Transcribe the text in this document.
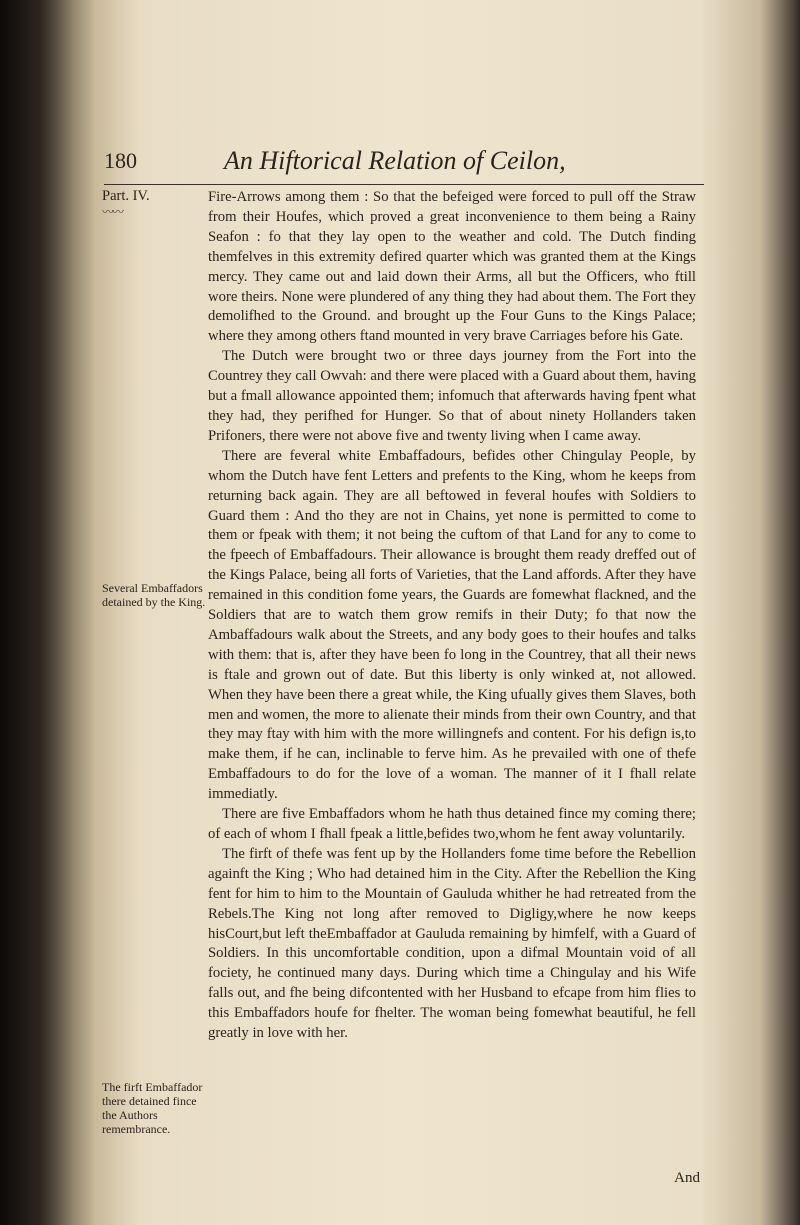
180	An Hiftorical Relation of Ceilon,
Part. IV.
〰〰
Several Embaffadors detained by the King.
The firft Embaffador there detained fince the Authors remembrance.

Fire-Arrows among them : So that the befeiged were forced to pull off the Straw from their Houfes, which proved a great inconvenience to them being a Rainy Seafon : fo that they lay open to the weather and cold. The Dutch finding themfelves in this extremity defired quarter which was granted them at the Kings mercy. They came out and laid down their Arms, all but the Officers, who ftill wore theirs. None were plundered of any thing they had about them. The Fort they demolifhed to the Ground. and brought up the Four Guns to the Kings Palace; where they among others ftand mounted in very brave Carriages before his Gate.

The Dutch were brought two or three days journey from the Fort into the Countrey they call Owvah: and there were placed with a Guard about them, having but a fmall allowance appointed them; infomuch that afterwards having fpent what they had, they perifhed for Hunger. So that of about ninety Hollanders taken Prifoners, there were not above five and twenty living when I came away.

There are feveral white Embaffadours, befides other Chingulay People, by whom the Dutch have fent Letters and prefents to the King, whom he keeps from returning back again. They are all beftowed in feveral houfes with Soldiers to Guard them : And tho they are not in Chains, yet none is permitted to come to them or fpeak with them; it not being the cuftom of that Land for any to come to the fpeech of Embaffadours. Their allowance is brought them ready dreffed out of the Kings Palace, being all forts of Varieties, that the Land affords. After they have remained in this condition fome years, the Guards are fomewhat flackned, and the Soldiers that are to watch them grow remifs in their Duty; fo that now the Ambaffadours walk about the Streets, and any body goes to their houfes and talks with them: that is, after they have been fo long in the Countrey, that all their news is ftale and grown out of date. But this liberty is only winked at, not allowed. When they have been there a great while, the King ufually gives them Slaves, both men and women, the more to alienate their minds from their own Country, and that they may ftay with him with the more willingnefs and content. For his defign is,to make them, if he can, inclinable to ferve him. As he prevailed with one of thefe Embaffadours to do for the love of a woman. The manner of it I fhall relate immediatly.

There are five Embaffadors whom he hath thus detained fince my coming there; of each of whom I fhall fpeak a little,befides two,whom he fent away voluntarily.

The firft of thefe was fent up by the Hollanders fome time before the Rebellion againft the King ; Who had detained him in the City. After the Rebellion the King fent for him to him to the Mountain of Gauluda whither he had retreated from the Rebels.The King not long after removed to Digligy,where he now keeps hisCourt,but left theEmbaffador at Gauluda remaining by himfelf, with a Guard of Soldiers. In this uncomfortable condition, upon a difmal Mountain void of all fociety, he continued many days. During which time a Chingulay and his Wife falls out, and fhe being difcontented with her Husband to efcape from him flies to this Embaffadors houfe for fhelter. The woman being fomewhat beautiful, he fell greatly in love with her.

And
